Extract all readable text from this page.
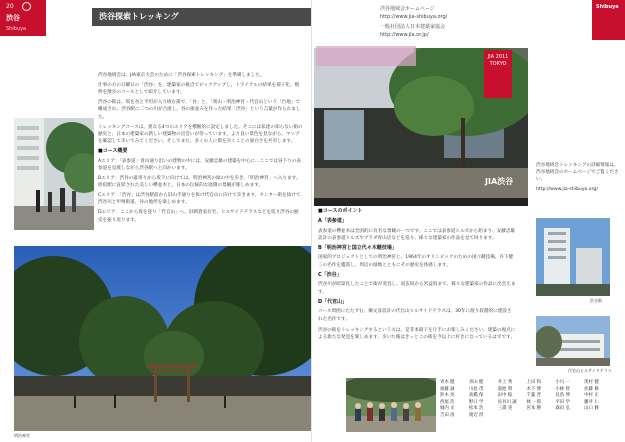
20
渋谷
Shibuya
渋谷探索トレッキング

渋谷地域会は、JIA東京大会のために「渋谷探索トレッキング」を準備しました。

仕事の方の日曜日の「渋谷」を、建築家の視点でピックアップし、トライアルの結果を冊子化、数枠を散歩のコースとして紹介しています。

渋谷の街は、坂を谷と平坦が入り組む街で、「谷」と、「奥山・明治神宮・代官山という「台地」で構成され、渋谷駅に二つの川が合流し、谷の街並みを作った結果「渋谷」という言葉が作られました。

トレッキングコースは、異なる4つのエリアを横断的に設定しました。そこには私達の知らない街の歴史と、日本の建築家の新しい建築物の出会いが待っています。より良い景色を見ながら、マップを確認して歩いてみてください。そしてまた、多くの人に街を歩くことの面白さを共有します。

■コース概要

Aエリア：「表参道」青山通り沿いの建物の中には、安藤忠雄の建築を中心に…ここでは昼下りの表参道を見渡しながら渋谷駅へと向かいます。

Bエリア：渋谷の最寄りから坂下に向けては、明治神宮の緑の中を歩き、「明治神宮」へ入ります。原宿駅に直結された美しい欅並木と、日本の伝統的な庭園の景観が楽しめます。

Cエリア：「渋谷」は渋谷駅前から旧山手通りを抜け代官山に向けて歩きます。センター街を抜けて渋谷川と甲州街道、谷の地形を楽しめます。

Dエリア：ここから坂を登り「代官山」へ。旧朝倉家住宅、ヒルサイドテラスなどを巡り渋谷の歴史を振り返ります。

明治神宮
渋谷地域会ホームページ
http://www.jia-shibuya.org/
一般社団法人日本建築家協会
http://www.jia.or.jp/
Shibuya
JIA 2011 TOKYO
JIA渋谷

渋谷地域会トレッキングの詳細情報は、渋谷地域会のホームページでご覧ください。

http://www.jia-shibuya.org/

■コースのポイント
A「表参道」

表参道の欅並木は全国的に有名な景観の一つです。ここでは表参道ヒルズから始まり、安藤忠雄設計の表参道ヒルズやプラダ青山店などを巡り、様々な建築家の作品を見て回ります。

B「明治神宮と国立代々木競技場」

国家的プロジェクトとしての明治神宮と、1964年のオリンピックのための国立競技場。丹下健三の名作を鑑賞し、周辺の緑地とともにその歴史を体感します。

C「渋谷」

渋谷川が暗渠化したことで街が変容し、道玄坂から宮益坂まで、様々な建築家の作品に出会えます。

D「代官山」

コース周囲にたたずむ、槇文彦設計の代官山ヒルサイドテラスは、30年に渡り段階的に建設された名作です。

渋谷の街をトレッキングするという方は、是非本冊子を片手にお楽しみください。建築の視点による新たな発見を楽しめます。歩いた後はきっとこの街を今以上に好きになっているはずです。

渋谷駅
代官山ヒルサイドテラス
青木 健	青山 健	井上 秀	上田 和	小川 一	奥村 健
加藤 誠	川島 茂	菊池 明	木下 博	小林 智	佐藤 修
鈴木 亮	高橋 保	田中 稔	千葉 晋	長島 伸	中村 正
西尾 浩	野口 学	長谷川 誠	林 一郎	平田 学	藤井 仁
堀内 正	松本 浩	三浦 実	宮本 勝	森田 弘	山口 修
吉田 清	渡辺 淳
